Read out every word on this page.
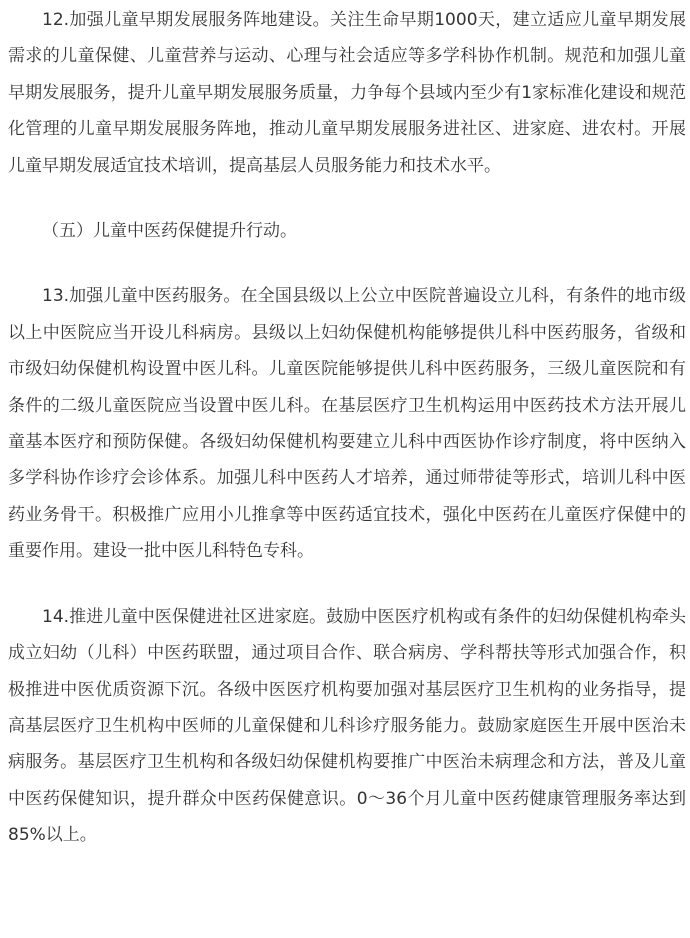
12.加强儿童早期发展服务阵地建设。关注生命早期1000天，建立适应儿童早期发展需求的儿童保健、儿童营养与运动、心理与社会适应等多学科协作机制。规范和加强儿童早期发展服务，提升儿童早期发展服务质量，力争每个县域内至少有1家标准化建设和规范化管理的儿童早期发展服务阵地，推动儿童早期发展服务进社区、进家庭、进农村。开展儿童早期发展适宜技术培训，提高基层人员服务能力和技术水平。

（五）儿童中医药保健提升行动。

13.加强儿童中医药服务。在全国县级以上公立中医院普遍设立儿科，有条件的地市级以上中医院应当开设儿科病房。县级以上妇幼保健机构能够提供儿科中医药服务，省级和市级妇幼保健机构设置中医儿科。儿童医院能够提供儿科中医药服务，三级儿童医院和有条件的二级儿童医院应当设置中医儿科。在基层医疗卫生机构运用中医药技术方法开展儿童基本医疗和预防保健。各级妇幼保健机构要建立儿科中西医协作诊疗制度，将中医纳入多学科协作诊疗会诊体系。加强儿科中医药人才培养，通过师带徒等形式，培训儿科中医药业务骨干。积极推广应用小儿推拿等中医药适宜技术，强化中医药在儿童医疗保健中的重要作用。建设一批中医儿科特色专科。

14.推进儿童中医保健进社区进家庭。鼓励中医医疗机构或有条件的妇幼保健机构牵头成立妇幼（儿科）中医药联盟，通过项目合作、联合病房、学科帮扶等形式加强合作，积极推进中医优质资源下沉。各级中医医疗机构要加强对基层医疗卫生机构的业务指导，提高基层医疗卫生机构中医师的儿童保健和儿科诊疗服务能力。鼓励家庭医生开展中医治未病服务。基层医疗卫生机构和各级妇幼保健机构要推广中医治未病理念和方法，普及儿童中医药保健知识，提升群众中医药保健意识。0～36个月儿童中医药健康管理服务率达到85%以上。
